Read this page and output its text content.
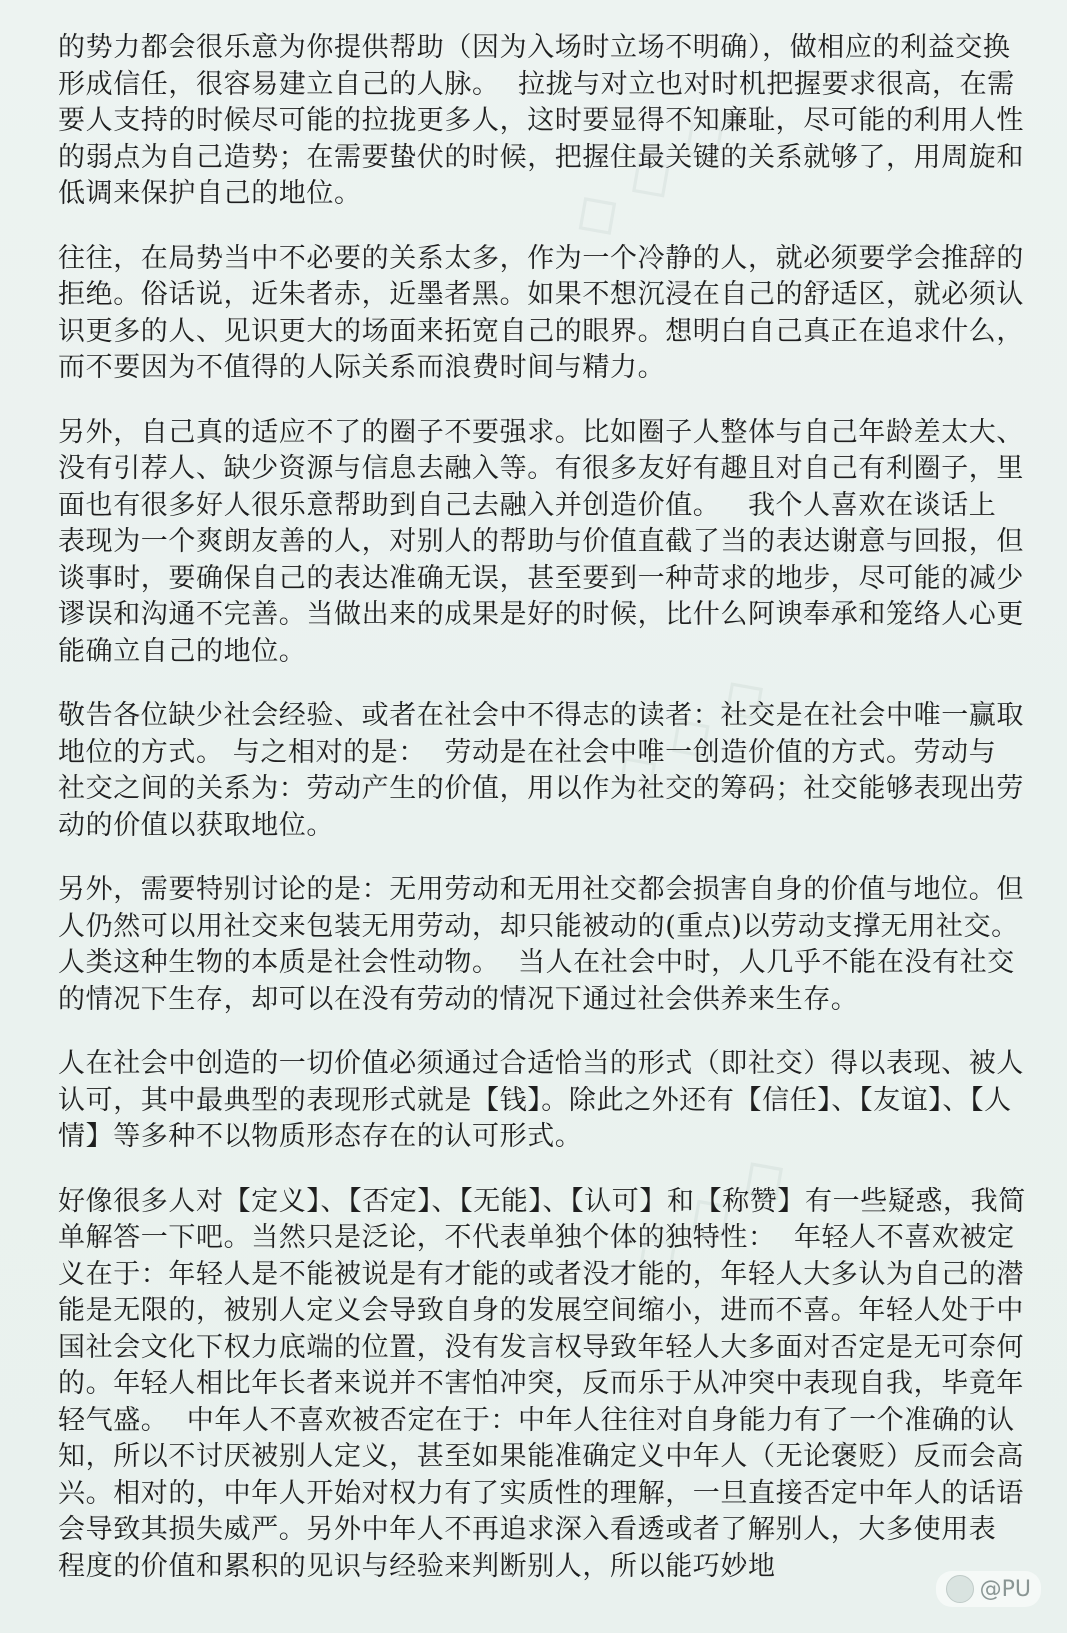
◇ ◇ ◇
◇ ◇ ◇
◇ ◇ ◇
的势力都会很乐意为你提供帮助（因为入场时立场不明确），做相应的利益交换
形成信任，很容易建立自己的人脉。  拉拢与对立也对时机把握要求很高，在需
要人支持的时候尽可能的拉拢更多人，这时要显得不知廉耻，尽可能的利用人性
的弱点为自己造势；在需要蛰伏的时候，把握住最关键的关系就够了，用周旋和
低调来保护自己的地位。
往往，在局势当中不必要的关系太多，作为一个冷静的人，就必须要学会推辞的
拒绝。俗话说，近朱者赤，近墨者黑。如果不想沉浸在自己的舒适区，就必须认
识更多的人、见识更大的场面来拓宽自己的眼界。想明白自己真正在追求什么，
而不要因为不值得的人际关系而浪费时间与精力。
另外，自己真的适应不了的圈子不要强求。比如圈子人整体与自己年龄差太大、
没有引荐人、缺少资源与信息去融入等。有很多友好有趣且对自己有利圈子，里
面也有很多好人很乐意帮助到自己去融入并创造价值。   我个人喜欢在谈话上
表现为一个爽朗友善的人，对别人的帮助与价值直截了当的表达谢意与回报，但
谈事时，要确保自己的表达准确无误，甚至要到一种苛求的地步，尽可能的减少
谬误和沟通不完善。当做出来的成果是好的时候，比什么阿谀奉承和笼络人心更
能确立自己的地位。
敬告各位缺少社会经验、或者在社会中不得志的读者：社交是在社会中唯一赢取
地位的方式。 与之相对的是：  劳动是在社会中唯一创造价值的方式。劳动与
社交之间的关系为：劳动产生的价值，用以作为社交的筹码；社交能够表现出劳
动的价值以获取地位。
另外，需要特别讨论的是：无用劳动和无用社交都会损害自身的价值与地位。但
人仍然可以用社交来包装无用劳动，却只能被动的(重点)以劳动支撑无用社交。
人类这种生物的本质是社会性动物。  当人在社会中时，人几乎不能在没有社交
的情况下生存，却可以在没有劳动的情况下通过社会供养来生存。
人在社会中创造的一切价值必须通过合适恰当的形式（即社交）得以表现、被人
认可，其中最典型的表现形式就是【钱】。除此之外还有【信任】、【友谊】、【人
情】等多种不以物质形态存在的认可形式。
好像很多人对【定义】、【否定】、【无能】、【认可】和【称赞】有一些疑惑，我简
单解答一下吧。当然只是泛论，不代表单独个体的独特性：  年轻人不喜欢被定
义在于：年轻人是不能被说是有才能的或者没才能的，年轻人大多认为自己的潜
能是无限的，被别人定义会导致自身的发展空间缩小，进而不喜。年轻人处于中
国社会文化下权力底端的位置，没有发言权导致年轻人大多面对否定是无可奈何
的。年轻人相比年长者来说并不害怕冲突，反而乐于从冲突中表现自我，毕竟年
轻气盛。  中年人不喜欢被否定在于：中年人往往对自身能力有了一个准确的认
知，所以不讨厌被别人定义，甚至如果能准确定义中年人（无论褒贬）反而会高
兴。相对的，中年人开始对权力有了实质性的理解，一旦直接否定中年人的话语
会导致其损失威严。另外中年人不再追求深入看透或者了解别人，大多使用表
程度的价值和累积的见识与经验来判断别人，所以能巧妙地
@PU
